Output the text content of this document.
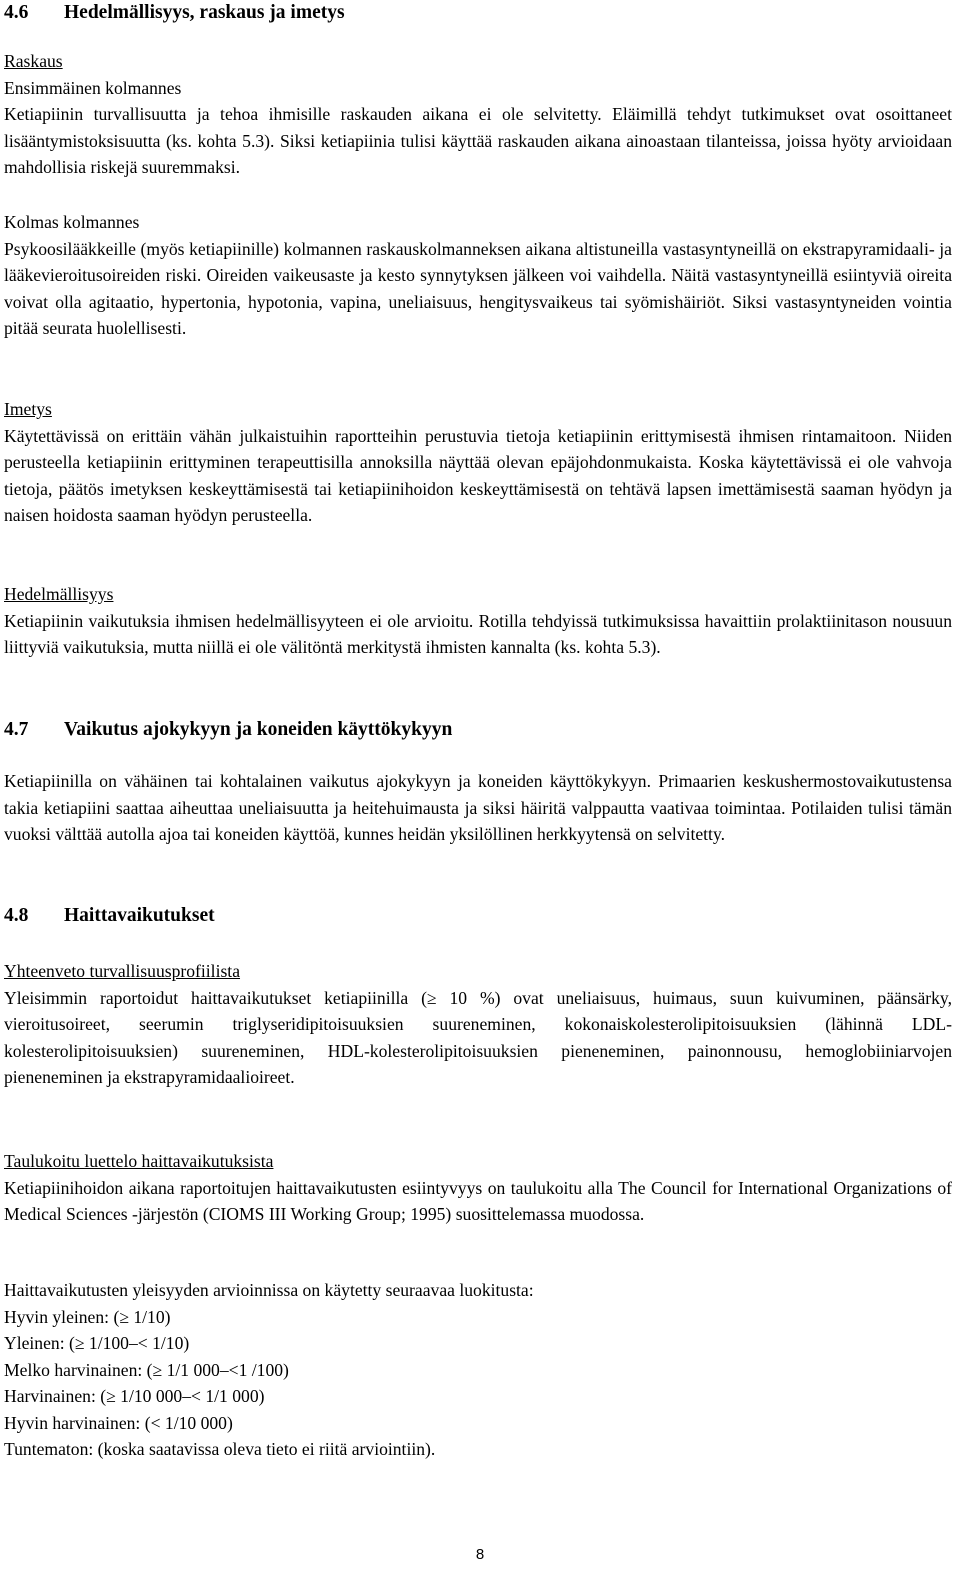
4.6 Hedelmällisyys, raskaus ja imetys

Raskaus

Ensimmäinen kolmannes

Ketiapiinin turvallisuutta ja tehoa ihmisille raskauden aikana ei ole selvitetty. Eläimillä tehdyt tutkimukset ovat osoittaneet lisääntymistoksisuutta (ks. kohta 5.3). Siksi ketiapiinia tulisi käyttää raskauden aikana ainoastaan tilanteissa, joissa hyöty arvioidaan mahdollisia riskejä suuremmaksi.

Kolmas kolmannes

Psykoosilääkkeille (myös ketiapiinille) kolmannen raskauskolmanneksen aikana altistuneilla vastasyntyneillä on ekstrapyramidaali- ja lääkevieroitusoireiden riski. Oireiden vaikeusaste ja kesto synnytyksen jälkeen voi vaihdella. Näitä vastasyntyneillä esiintyviä oireita voivat olla agitaatio, hypertonia, hypotonia, vapina, uneliaisuus, hengitysvaikeus tai syömishäiriöt. Siksi vastasyntyneiden vointia pitää seurata huolellisesti.

Imetys

Käytettävissä on erittäin vähän julkaistuihin raportteihin perustuvia tietoja ketiapiinin erittymisestä ihmisen rintamaitoon. Niiden perusteella ketiapiinin erittyminen terapeuttisilla annoksilla näyttää olevan epäjohdonmukaista. Koska käytettävissä ei ole vahvoja tietoja, päätös imetyksen keskeyttämisestä tai ketiapiinihoidon keskeyttämisestä on tehtävä lapsen imettämisestä saaman hyödyn ja naisen hoidosta saaman hyödyn perusteella.

Hedelmällisyys

Ketiapiinin vaikutuksia ihmisen hedelmällisyyteen ei ole arvioitu. Rotilla tehdyissä tutkimuksissa havaittiin prolaktiinitason nousuun liittyviä vaikutuksia, mutta niillä ei ole välitöntä merkitystä ihmisten kannalta (ks. kohta 5.3).

4.7 Vaikutus ajokykyyn ja koneiden käyttökykyyn

Ketiapiinilla on vähäinen tai kohtalainen vaikutus ajokykyyn ja koneiden käyttökykyyn. Primaarien keskushermostovaikutustensa takia ketiapiini saattaa aiheuttaa uneliaisuutta ja heitehuimausta ja siksi häiritä valppautta vaativaa toimintaa. Potilaiden tulisi tämän vuoksi välttää autolla ajoa tai koneiden käyttöä, kunnes heidän yksilöllinen herkkyytensä on selvitetty.

4.8 Haittavaikutukset

Yhteenveto turvallisuusprofiilista

Yleisimmin raportoidut haittavaikutukset ketiapiinilla (≥ 10 %) ovat uneliaisuus, huimaus, suun kuivuminen, päänsärky, vieroitusoireet, seerumin triglyseridipitoisuuksien suureneminen, kokonaiskolesterolipitoisuuksien (lähinnä LDL-kolesterolipitoisuuksien) suureneminen, HDL-kolesterolipitoisuuksien pieneneminen, painonnousu, hemoglobiiniarvojen pieneneminen ja ekstrapyramidaalioireet.

Taulukoitu luettelo haittavaikutuksista

Ketiapiinihoidon aikana raportoitujen haittavaikutusten esiintyvyys on taulukoitu alla The Council for International Organizations of Medical Sciences -järjestön (CIOMS III Working Group; 1995) suosittelemassa muodossa.

Haittavaikutusten yleisyyden arvioinnissa on käytetty seuraavaa luokitusta:

Hyvin yleinen: (≥ 1/10)

Yleinen: (≥ 1/100–< 1/10)

Melko harvinainen: (≥ 1/1 000–<1 /100)

Harvinainen: (≥ 1/10 000–< 1/1 000)

Hyvin harvinainen: (< 1/10 000)

Tuntematon: (koska saatavissa oleva tieto ei riitä arviointiin).

8
